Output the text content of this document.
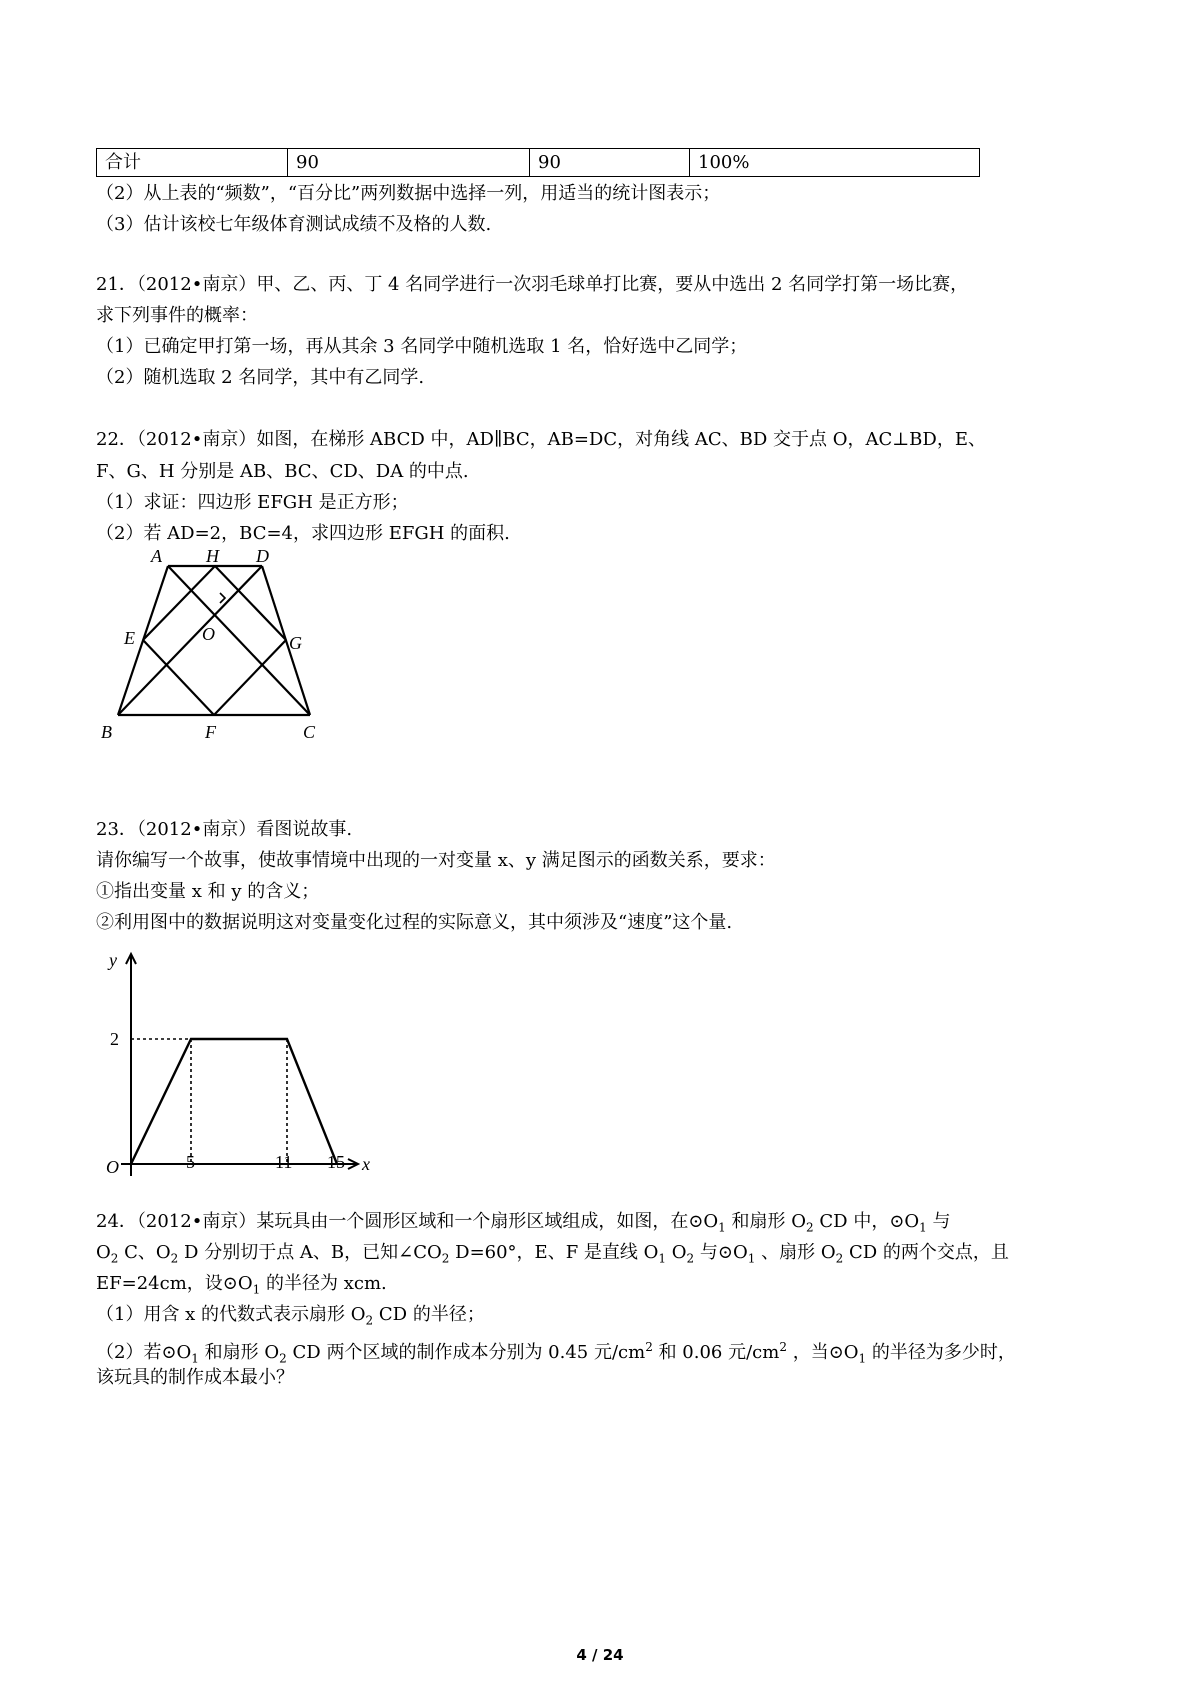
合计	90	90	100%
（2）从上表的“频数”，“百分比”两列数据中选择一列，用适当的统计图表示；
（3）估计该校七年级体育测试成绩不及格的人数.
21．（2012•南京）甲、乙、丙、丁 4 名同学进行一次羽毛球单打比赛，要从中选出 2 名同学打第一场比赛，
求下列事件的概率：
（1）已确定甲打第一场，再从其余 3 名同学中随机选取 1 名，恰好选中乙同学；
（2）随机选取 2 名同学，其中有乙同学.
22．（2012•南京）如图，在梯形 ABCD 中，AD∥BC，AB=DC，对角线 AC、BD 交于点 O，AC⊥BD，E、
F、G、H 分别是 AB、BC、CD、DA 的中点.
（1）求证：四边形 EFGH 是正方形；
（2）若 AD=2，BC=4，求四边形 EFGH 的面积.
A H D
E	O	G
B	F	C
23．（2012•南京）看图说故事.
请你编写一个故事，使故事情境中出现的一对变量 x、y 满足图示的函数关系，要求：
①指出变量 x 和 y 的含义；
②利用图中的数据说明这对变量变化过程的实际意义，其中须涉及“速度”这个量.
y
2
O	5	11 15 x
24．（2012•南京）某玩具由一个圆形区域和一个扇形区域组成，如图，在$⊙O_1$ 和扇形 $O_2$ CD 中，$⊙O_1$ 与
$O_2$ C、$O_2$ D 分别切于点 A、B，已知$\angle CO_2$ D=60°，E、F 是直线 $O_1$ $O_2$ 与$⊙O_1$ 、扇形 $O_2$ CD 的两个交点，且
EF=24cm，设$⊙O_1$ 的半径为 xcm.
（1）用含 x 的代数式表示扇形 $O_2$ CD 的半径；
（2）若$⊙O_1$ 和扇形 $O_2$ CD 两个区域的制作成本分别为 0.45 元$/cm^2$ 和 0.06 元$/cm^2$ ，当$⊙O_1$ 的半径为多少时，
该玩具的制作成本最小？
4 / 24
